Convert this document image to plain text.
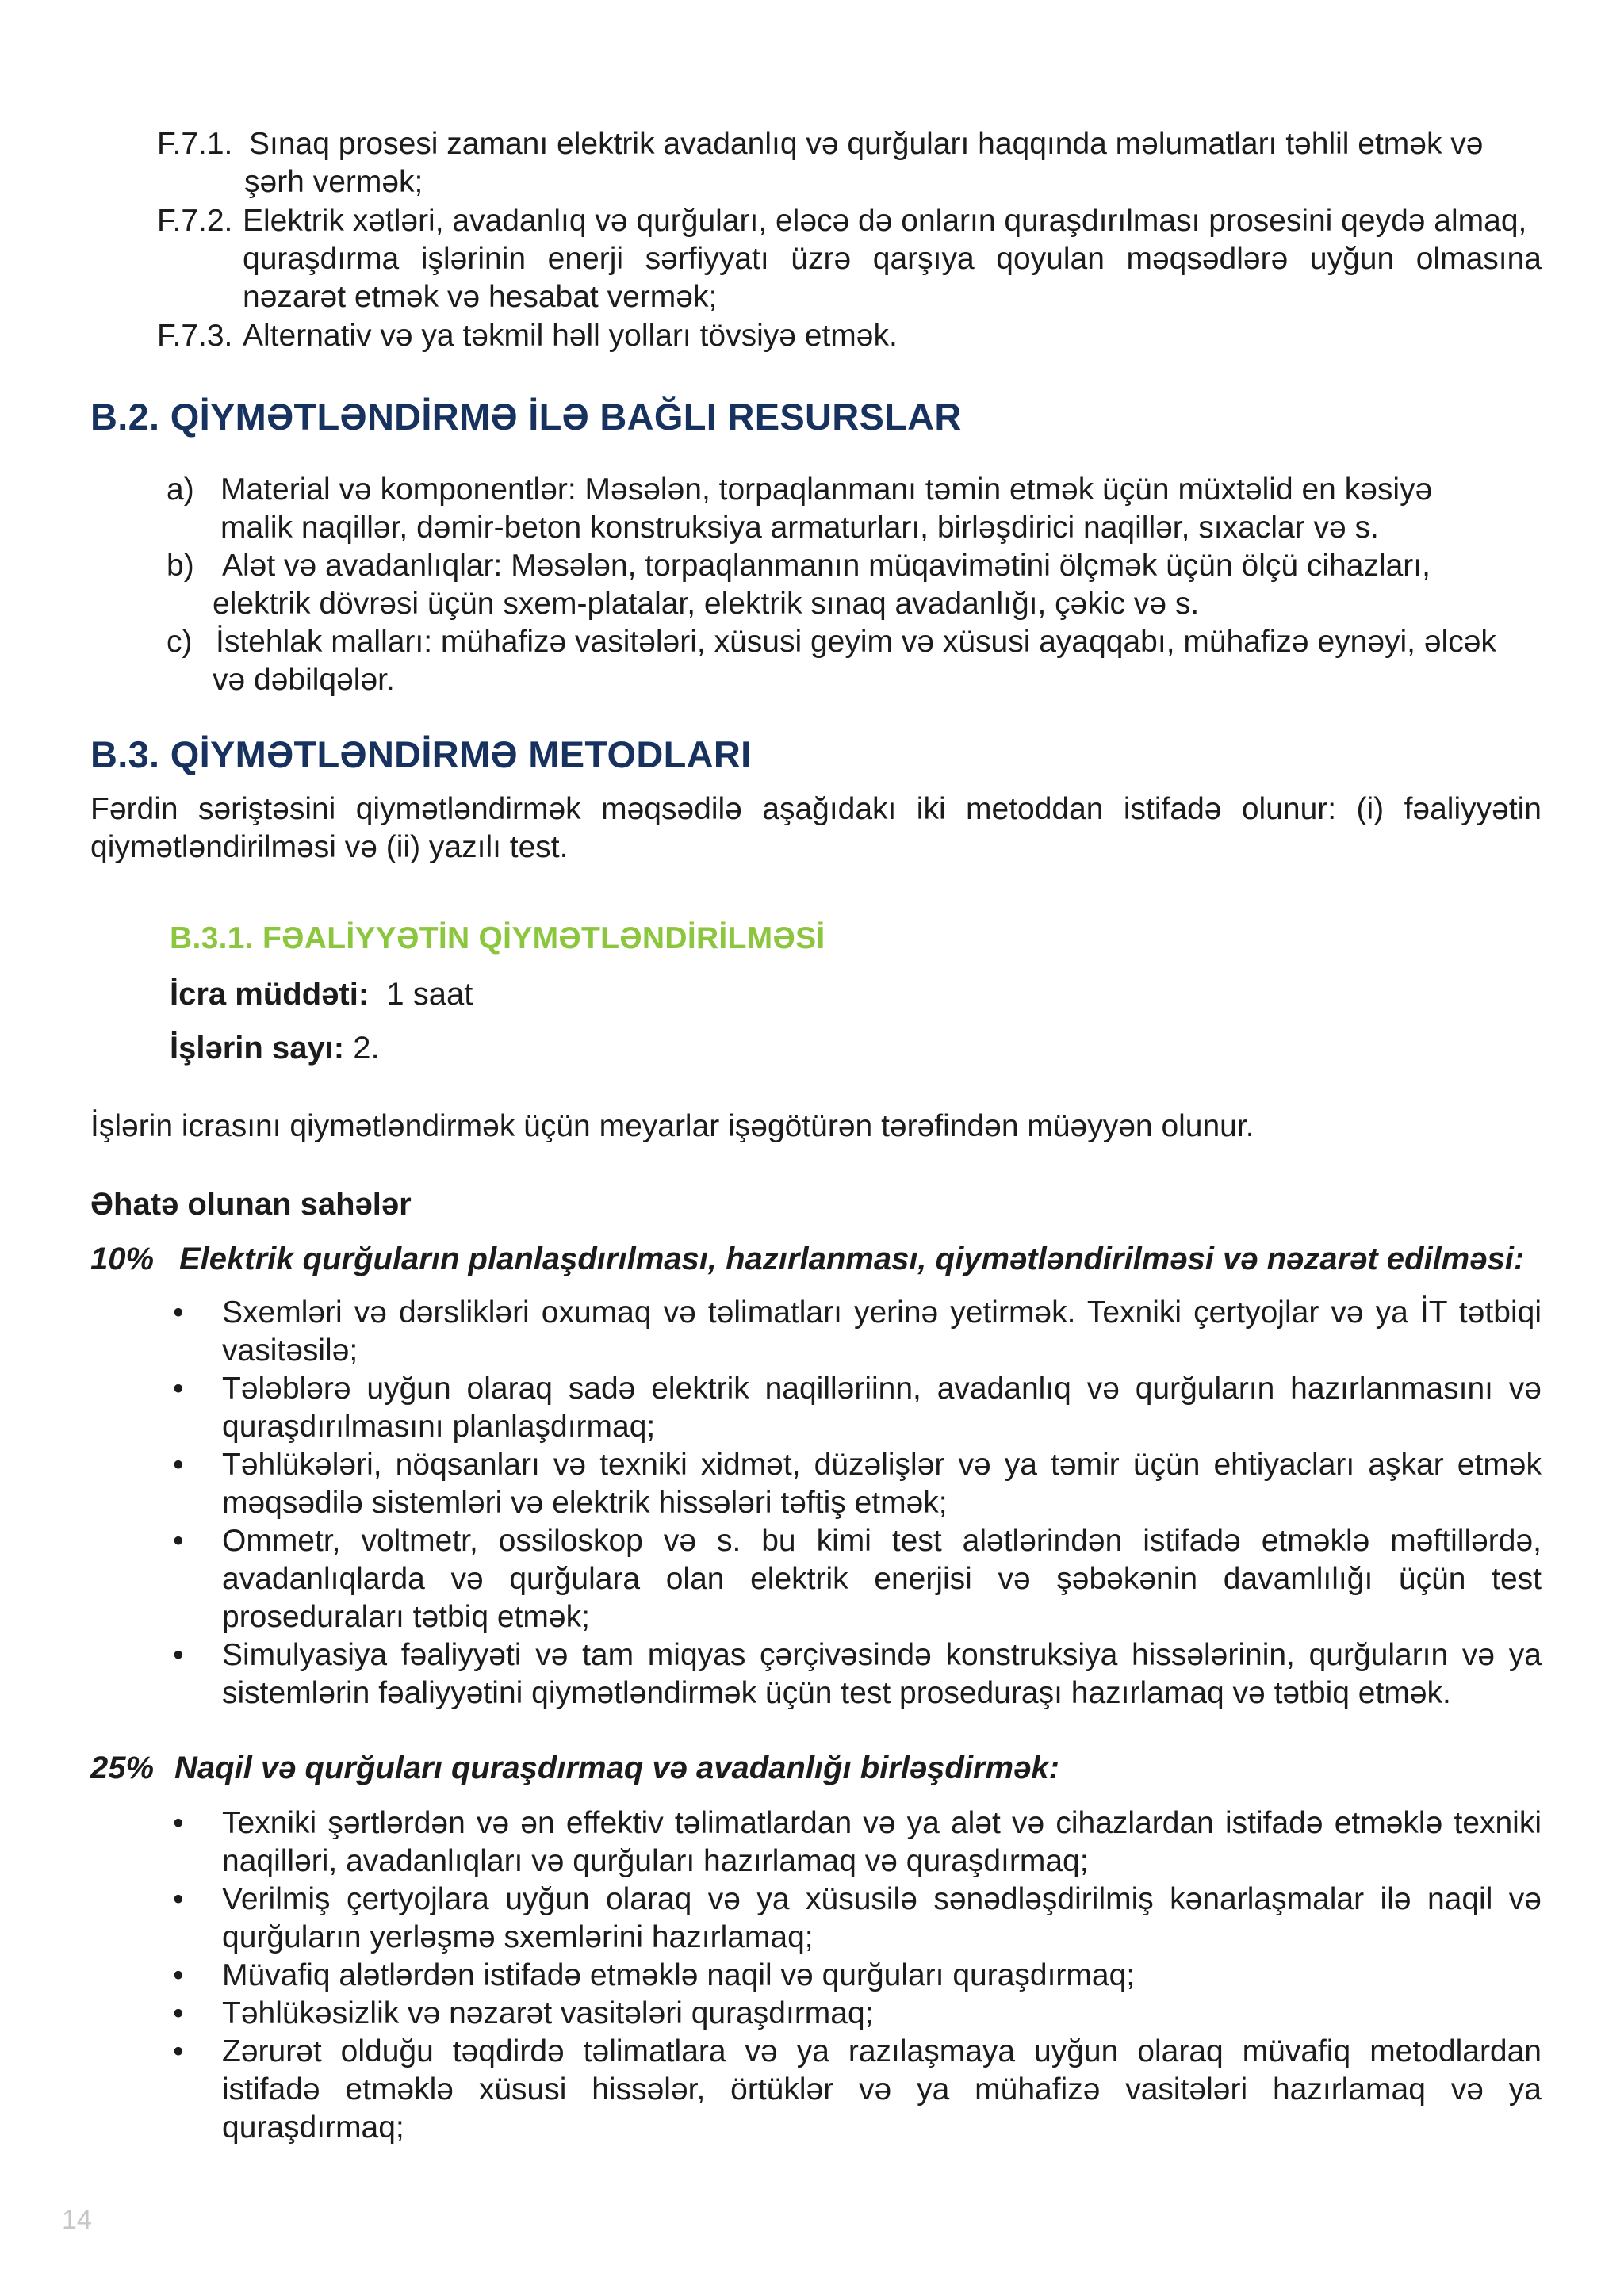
F.7.1. Sınaq prosesi zamanı elektrik avadanlıq və qurğuları haqqında məlumatları təhlil etmək və
şərh vermək;
F.7.2. Elektrik xətləri, avadanlıq və qurğuları, eləcə də onların quraşdırılması prosesini qeydə almaq,
quraşdırma işlərinin enerji sərfiyyatı üzrə qarşıya qoyulan məqsədlərə uyğun olmasına
nəzarət etmək və hesabat vermək;
F.7.3. Alternativ və ya təkmil həll yolları tövsiyə etmək.
B.2. QİYMƏTLƏNDİRMƏ İLƏ BAĞLI RESURSLAR
a) Material və komponentlər: Məsələn, torpaqlanmanı təmin etmək üçün müxtəlid en kəsiyə
malik naqillər, dəmir-beton konstruksiya armaturları, birləşdirici naqillər, sıxaclar və s.
b) Alət və avadanlıqlar: Məsələn, torpaqlanmanın müqavimətini ölçmək üçün ölçü cihazları,
elektrik dövrəsi üçün sxem-platalar, elektrik sınaq avadanlığı, çəkic və s.
c) İstehlak malları: mühafizə vasitələri, xüsusi geyim və xüsusi ayaqqabı, mühafizə eynəyi, əlcək
və dəbilqələr.
B.3. QİYMƏTLƏNDİRMƏ METODLARI
Fərdin səriştəsini qiymətləndirmək məqsədilə aşağıdakı iki metoddan istifadə olunur: (i) fəaliyyətin qiymətləndirilməsi və (ii) yazılı test.
B.3.1. FƏALİYYƏTİN QİYMƏTLƏNDİRİLMƏSİ
İcra müddəti: 1 saat
İşlərin sayı: 2.
İşlərin icrasını qiymətləndirmək üçün meyarlar işəgötürən tərəfindən müəyyən olunur.
Əhatə olunan sahələr
10% Elektrik qurğuların planlaşdırılması, hazırlanması, qiymətləndirilməsi və nəzarət edilməsi:
• Sxemləri və dərslikləri oxumaq və təlimatları yerinə yetirmək. Texniki çertyojlar və ya İT tətbiqi vasitəsilə;
• Tələblərə uyğun olaraq sadə elektrik naqilləriinn, avadanlıq və qurğuların hazırlanmasını və quraşdırılmasını planlaşdırmaq;
• Təhlükələri, nöqsanları və texniki xidmət, düzəlişlər və ya təmir üçün ehtiyacları aşkar etmək məqsədilə sistemləri və elektrik hissələri təftiş etmək;
• Ommetr, voltmetr, ossiloskop və s. bu kimi test alətlərindən istifadə etməklə məftillərdə, avadanlıqlarda və qurğulara olan elektrik enerjisi və şəbəkənin davamlılığı üçün test prosedurаları tətbiq etmək;
• Simulyasiya fəaliyyəti və tam miqyas çərçivəsində konstruksiya hissələrinin, qurğuların və ya sistemlərin fəaliyyətini qiymətləndirmək üçün test proseduraşı hazırlamaq və tətbiq etmək.
25% Naqil və qurğuları quraşdırmaq və avadanlığı birləşdirmək:
• Texniki şərtlərdən və ən effektiv təlimatlardan və ya alət və cihazlardan istifadə etməklə texniki naqilləri, avadanlıqları və qurğuları hazırlamaq və quraşdırmaq;
• Verilmiş çertyojlara uyğun olaraq və ya xüsusilə sənədləşdirilmiş kənarlaşmalar ilə naqil və qurğuların yerləşmə sxemlərini hazırlamaq;
• Müvafiq alətlərdən istifadə etməklə naqil və qurğuları quraşdırmaq;
• Təhlükəsizlik və nəzarət vasitələri quraşdırmaq;
• Zərurət olduğu təqdirdə təlimatlara və ya razılaşmaya uyğun olaraq müvafiq metodlardan istifadə etməklə xüsusi hissələr, örtüklər və ya mühafizə vasitələri hazırlamaq və ya quraşdırmaq;
14
